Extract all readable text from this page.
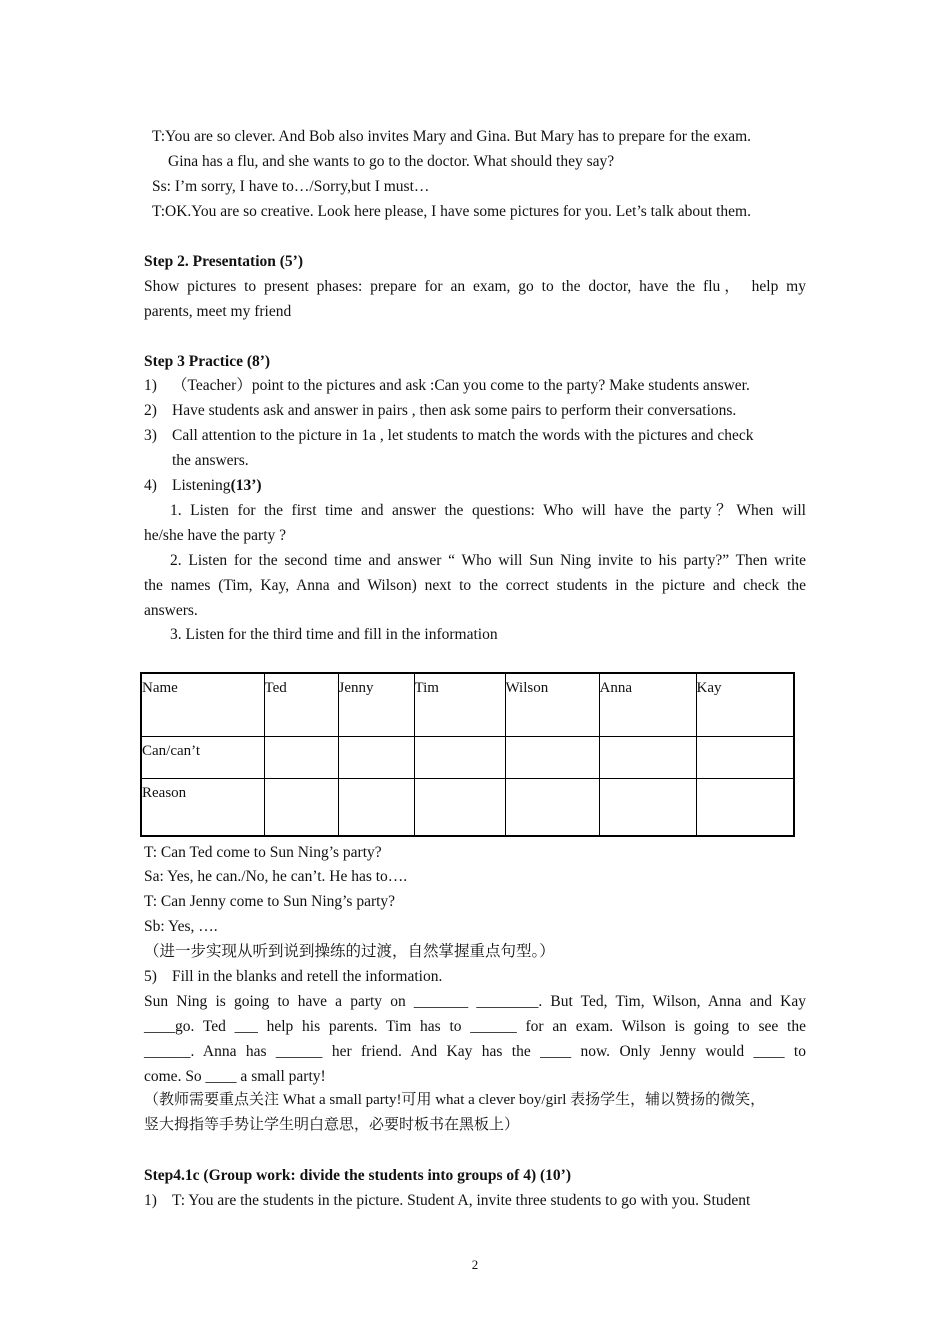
T:You are so clever. And Bob also invites Mary and Gina. But Mary has to prepare for the exam.
Gina has a flu, and she wants to go to the doctor. What should they say?
Ss: I’m sorry, I have to…/Sorry,but I must…
T:OK.You are so creative. Look here please, I have some pictures for you. Let’s talk about them.
Step 2. Presentation (5’)
Show pictures to present phases: prepare for an exam, go to the doctor, have the flu， help my
parents, meet my friend
Step 3 Practice (8’)
1) （Teacher）point to the pictures and ask :Can you come to the party? Make students answer.
2) Have students ask and answer in pairs , then ask some pairs to perform their conversations.
3) Call attention to the picture in 1a , let students to match the words with the pictures and check
the answers.
4) Listening(13’)
1. Listen for the first time and answer the questions: Who will have the party？When will
he/she have the party ?
2. Listen for the second time and answer “ Who will Sun Ning invite to his party?” Then write
the names (Tim, Kay, Anna and Wilson) next to the correct students in the picture and check the
answers.
3. Listen for the third time and fill in the information
Name	Ted	Jenny	Tim	Wilson	Anna	Kay
Can/can’t						
Reason						
T: Can Ted come to Sun Ning’s party?
Sa: Yes, he can./No, he can’t. He has to….
T: Can Jenny come to Sun Ning’s party?
Sb: Yes, ….
（进一步实现从听到说到操练的过渡，自然掌握重点句型。）
5) Fill in the blanks and retell the information.
Sun Ning is going to have a party on _______ ________. But Ted, Tim, Wilson, Anna and Kay
____go. Ted ___ help his parents. Tim has to ______ for an exam. Wilson is going to see the
______. Anna has ______ her friend. And Kay has the ____ now. Only Jenny would ____ to
come. So ____ a small party!
（教师需要重点关注 What a small party!可用 what a clever boy/girl 表扬学生，辅以赞扬的微笑，
竖大拇指等手势让学生明白意思，必要时板书在黑板上）
Step4.1c (Group work: divide the students into groups of 4) (10’)
1) T: You are the students in the picture. Student A, invite three students to go with you. Student
2
